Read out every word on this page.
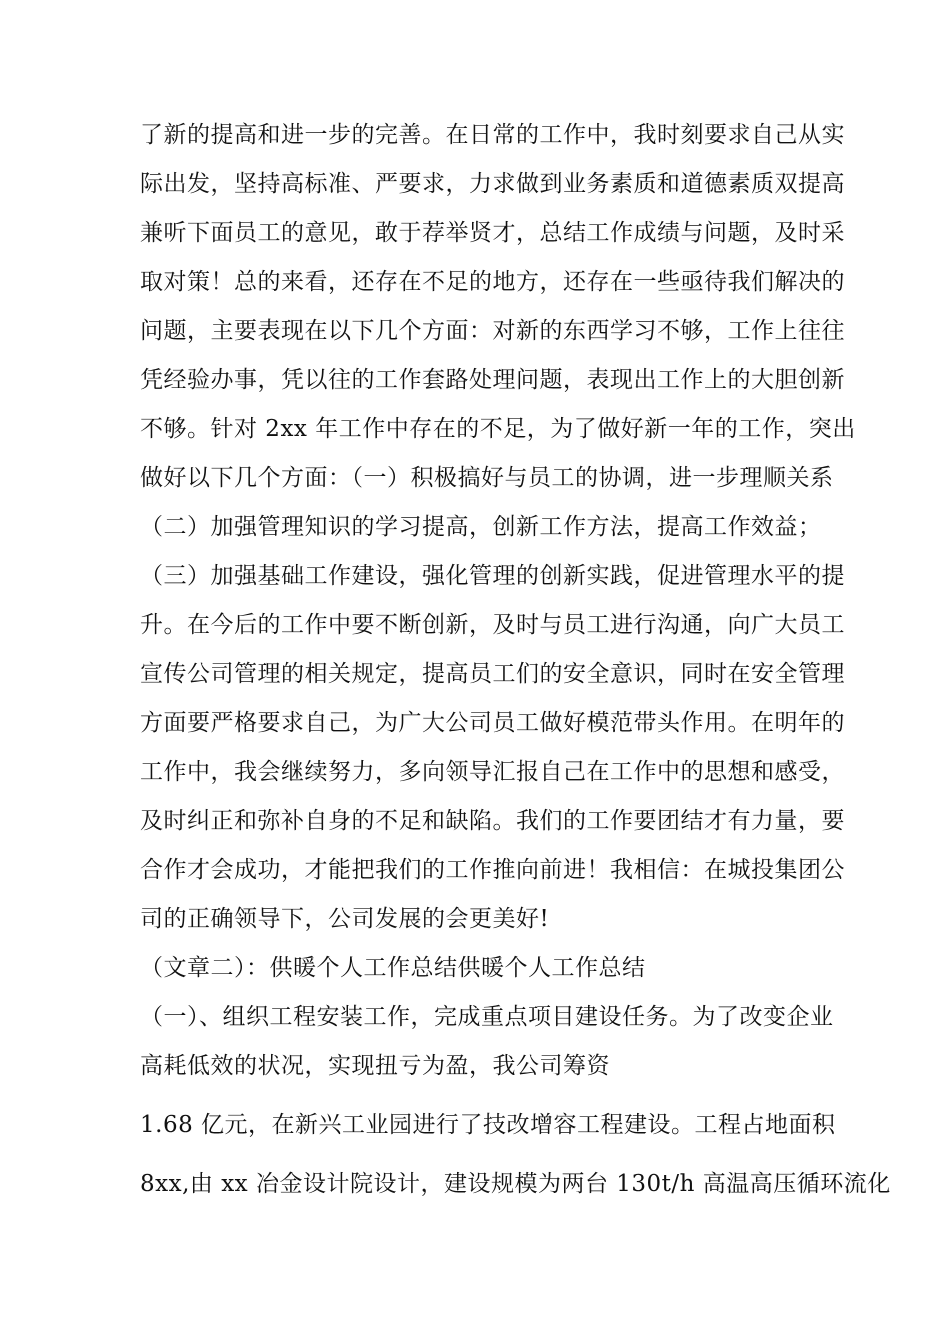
了新的提高和进一步的完善。在日常的工作中，我时刻要求自己从实
际出发，坚持高标准、严要求，力求做到业务素质和道德素质双提高
兼听下面员工的意见，敢于荐举贤才，总结工作成绩与问题，及时采
取对策！总的来看，还存在不足的地方，还存在一些亟待我们解决的
问题，主要表现在以下几个方面：对新的东西学习不够，工作上往往
凭经验办事，凭以往的工作套路处理问题，表现出工作上的大胆创新
不够。针对 2xx 年工作中存在的不足，为了做好新一年的工作，突出
做好以下几个方面：（一）积极搞好与员工的协调，进一步理顺关系
（二）加强管理知识的学习提高，创新工作方法，提高工作效益；
（三）加强基础工作建设，强化管理的创新实践，促进管理水平的提
升。在今后的工作中要不断创新，及时与员工进行沟通，向广大员工
宣传公司管理的相关规定，提高员工们的安全意识，同时在安全管理
方面要严格要求自己，为广大公司员工做好模范带头作用。在明年的
工作中，我会继续努力，多向领导汇报自己在工作中的思想和感受，
及时纠正和弥补自身的不足和缺陷。我们的工作要团结才有力量，要
合作才会成功，才能把我们的工作推向前进！我相信：在城投集团公
司的正确领导下，公司发展的会更美好!
（文章二）：供暖个人工作总结供暖个人工作总结
（一）、组织工程安装工作，完成重点项目建设任务。为了改变企业
高耗低效的状况，实现扭亏为盈，我公司筹资
1.68 亿元，在新兴工业园进行了技改增容工程建设。工程占地面积
8xx,由 xx 冶金设计院设计，建设规模为两台 130t/h 高温高压循环流化
